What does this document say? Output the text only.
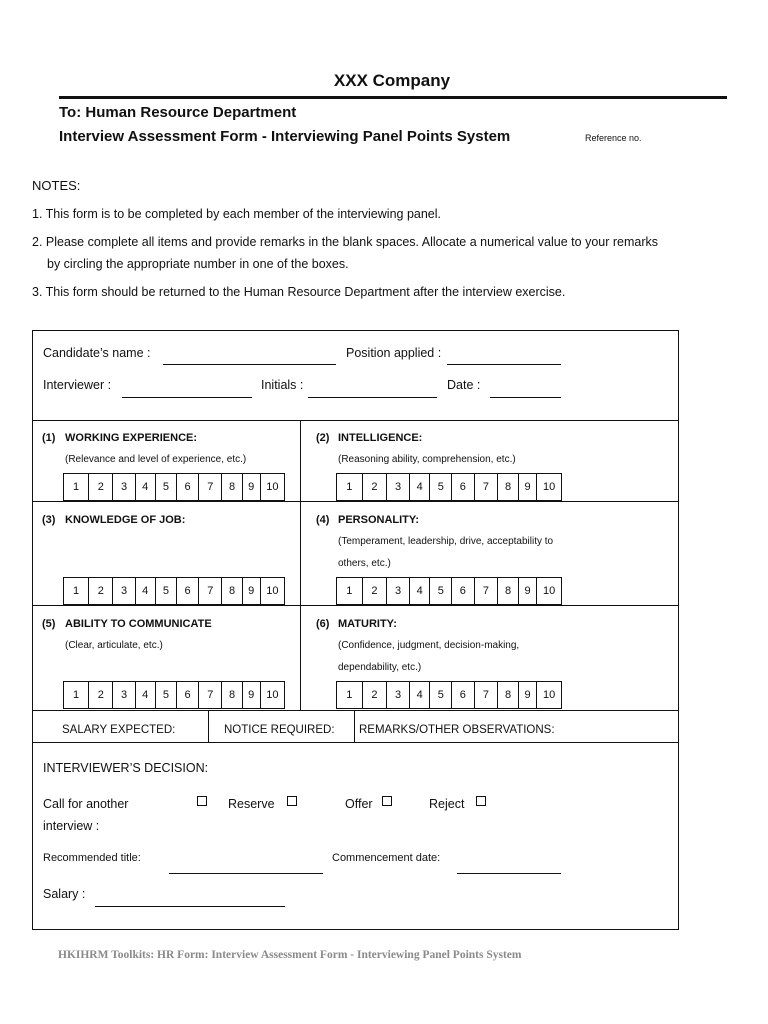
XXX Company
To: Human Resource Department
Interview Assessment Form - Interviewing Panel Points System	Reference no.
NOTES:
1. This form is to be completed by each member of the interviewing panel.
2. Please complete all items and provide remarks in the blank spaces. Allocate a numerical value to your remarks
by circling the appropriate number in one of the boxes.
3. This form should be returned to the Human Resource Department after the interview exercise.
Candidate’s name :	Position applied :
Interviewer :	Initials :	Date :
(1) WORKING EXPERIENCE:
(Relevance and level of experience, etc.)
1	2	3	4	5	6	7	8	9	10
(2) INTELLIGENCE:
(Reasoning ability, comprehension, etc.)
1	2	3	4	5	6	7	8	9	10
(3) KNOWLEDGE OF JOB:
1	2	3	4	5	6	7	8	9	10
(4) PERSONALITY:
(Temperament, leadership, drive, acceptability to
others, etc.)
1	2	3	4	5	6	7	8	9	10
(5) ABILITY TO COMMUNICATE
(Clear, articulate, etc.)
1	2	3	4	5	6	7	8	9	10
(6) MATURITY:
(Confidence, judgment, decision-making,
dependability, etc.)
1	2	3	4	5	6	7	8	9	10
SALARY EXPECTED:	NOTICE REQUIRED: REMARKS/OTHER OBSERVATIONS:
INTERVIEWER’S DECISION:
Call for another
interview :
Reserve	Offer	Reject
Recommended title:	Commencement date:
Salary :
HKIHRM Toolkits: HR Form: Interview Assessment Form - Interviewing Panel Points System
